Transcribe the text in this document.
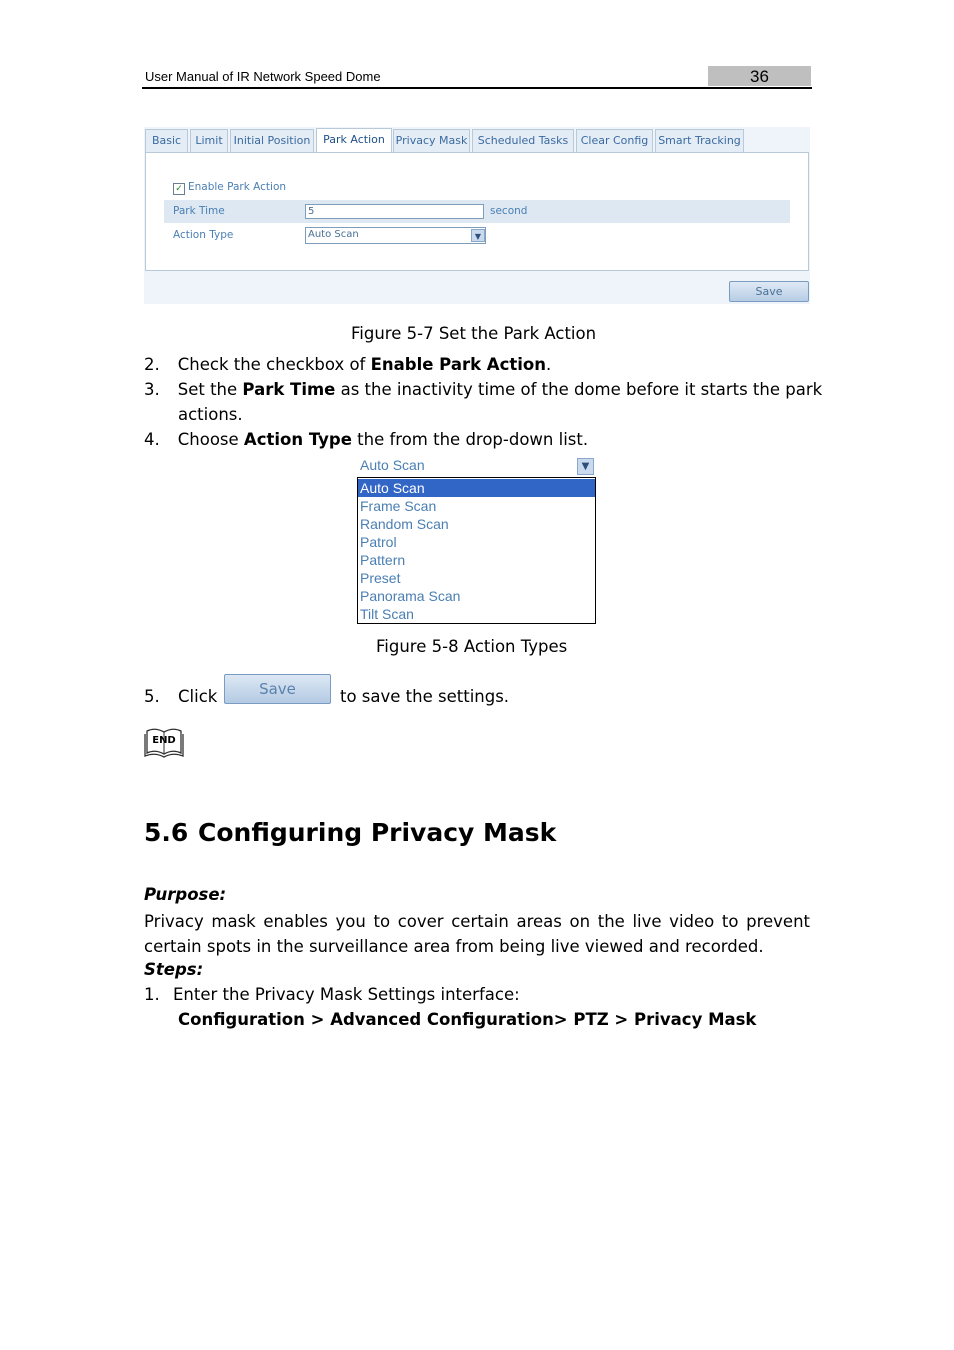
User Manual of IR Network Speed Dome	36
Basic	Limit Initial Position	Park Action Privacy Mask Scheduled Tasks	Clear Config Smart Tracking
✓ Enable Park Action
Park Time	5	second
Action Type	Auto Scan	▼
Save
Figure 5-7 Set the Park Action
2. Check the checkbox of Enable Park Action.
3. Set the Park Time as the inactivity time of the dome before it starts the park
actions.
4. Choose Action Type the from the drop-down list.
Auto Scan	▼
Auto Scan
Frame Scan
Random Scan
Patrol
Pattern
Preset
Panorama Scan
Tilt Scan
Figure 5-8 Action Types
5. Click	Save	to save the settings.
END
5.6 Configuring Privacy Mask
Purpose:
Privacy mask enables you to cover certain areas on the live video to prevent certain spots in the surveillance area from being live viewed and recorded.
Steps:
1. Enter the Privacy Mask Settings interface:
Configuration > Advanced Configuration> PTZ > Privacy Mask
